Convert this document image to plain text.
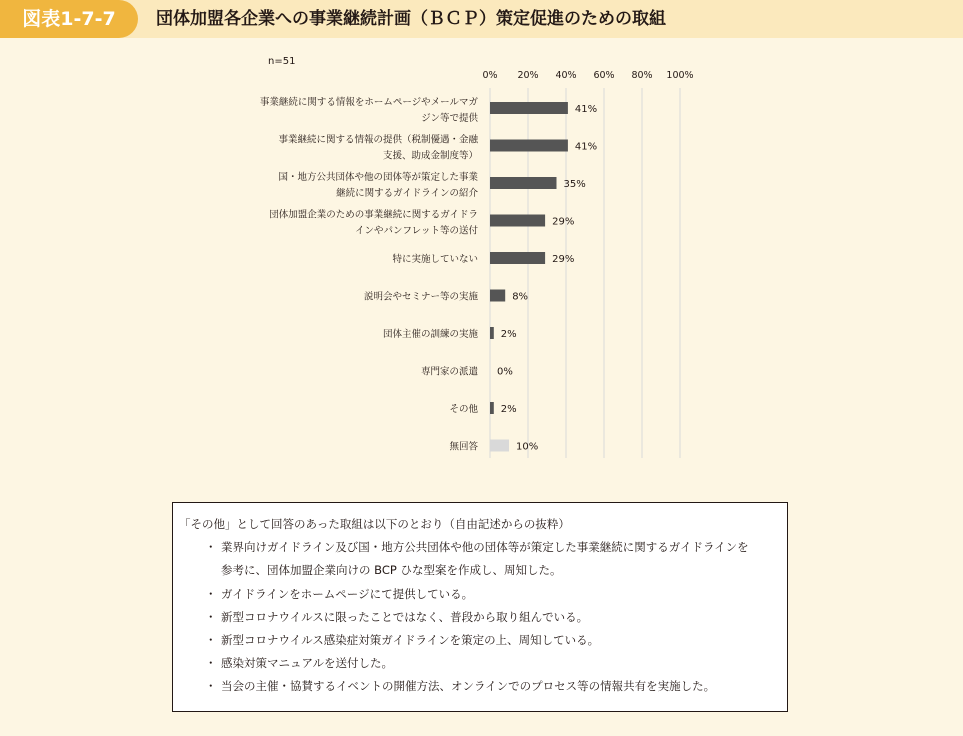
図表1-7-7	団体加盟各企業への事業継続計画（ＢＣＰ）策定促進のための取組
n=51
0% 20% 40% 60% 80% 100%
事業継続に関する情報をホームページやメールマガジン等で提供
41%
事業継続に関する情報の提供（税制優遇・金融支援、助成金制度等）
41%
国・地方公共団体や他の団体等が策定した事業継続に関するガイドラインの紹介
35%
団体加盟企業のための事業継続に関するガイドラインやパンフレット等の送付
29%
特に実施していない	29%
説明会やセミナー等の実施	8%
団体主催の訓練の実施 2%
専門家の派遣 0%
その他 2%
無回答	10%
「その他」として回答のあった取組は以下のとおり（自由記述からの抜粋）
・ 業界向けガイドライン及び国・地方公共団体や他の団体等が策定した事業継続に関するガイドラインを
参考に、団体加盟企業向けの BCP ひな型案を作成し、周知した。
・ ガイドラインをホームページにて提供している。
・ 新型コロナウイルスに限ったことではなく、普段から取り組んでいる。
・ 新型コロナウイルス感染症対策ガイドラインを策定の上、周知している。
・ 感染対策マニュアルを送付した。
・ 当会の主催・協賛するイベントの開催方法、オンラインでのプロセス等の情報共有を実施した。
